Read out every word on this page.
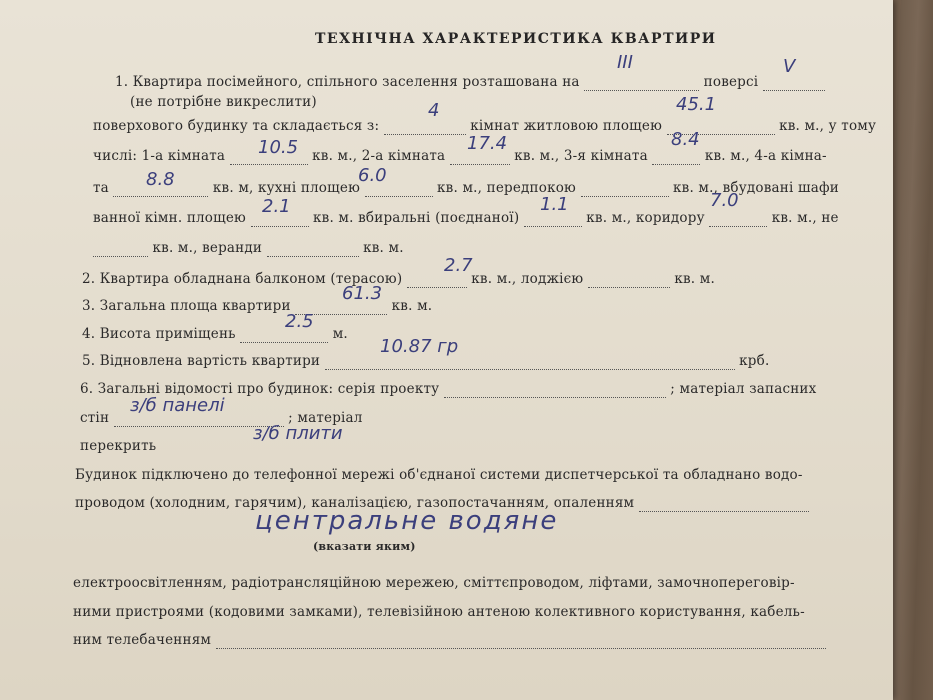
ТЕХНІЧНА ХАРАКТЕРИСТИКА КВАРТИРИ
1. Квартира посімейного, спільного заселення розташована на	поверсі
III	V
(не потрібне викреслити)
поверхового будинку та складається з:	кімнат житловою площею	кв. м., у тому
4	45.1
числі: 1-а кімната	кв. м., 2-а кімната	кв. м., 3-я кімната	кв. м., 4-а кімна-
10.5	17.4	8.4
та	кв. м, кухні площею	кв. м., передпокою	кв. м., вбудовані шафи
8.8	6.0
ванної кімн. площею	кв. м. вбиральні (поєднаної)	кв. м., коридору	кв. м., не
2.1	1.1	7.0
кв. м., веранди	кв. м.
2. Квартира обладнана балконом (терасою)	кв. м., лоджією	кв. м.
2.7
3. Загальна площа квартири	кв. м.
61.3
4. Висота приміщень	м.
2.5
5. Відновлена вартість квартири	крб.
10.87 гр
6. Загальні відомості про будинок: серія проекту	; матеріал запасних
стін	; матеріал
з/б панелі
перекрить
з/б плити
Будинок підключено до телефонної мережі об'єднаної системи диспетчерської та обладнано водо-
проводом (холодним, гарячим), каналізацією, газопостачанням, опаленням
центральне водяне
(вказати яким)
електроосвітленням, радіотрансляційною мережею, сміттєпроводом, ліфтами, замочнопереговір-
ними пристроями (кодовими замками), телевізійною антеною колективного користування, кабель-
ним телебаченням
